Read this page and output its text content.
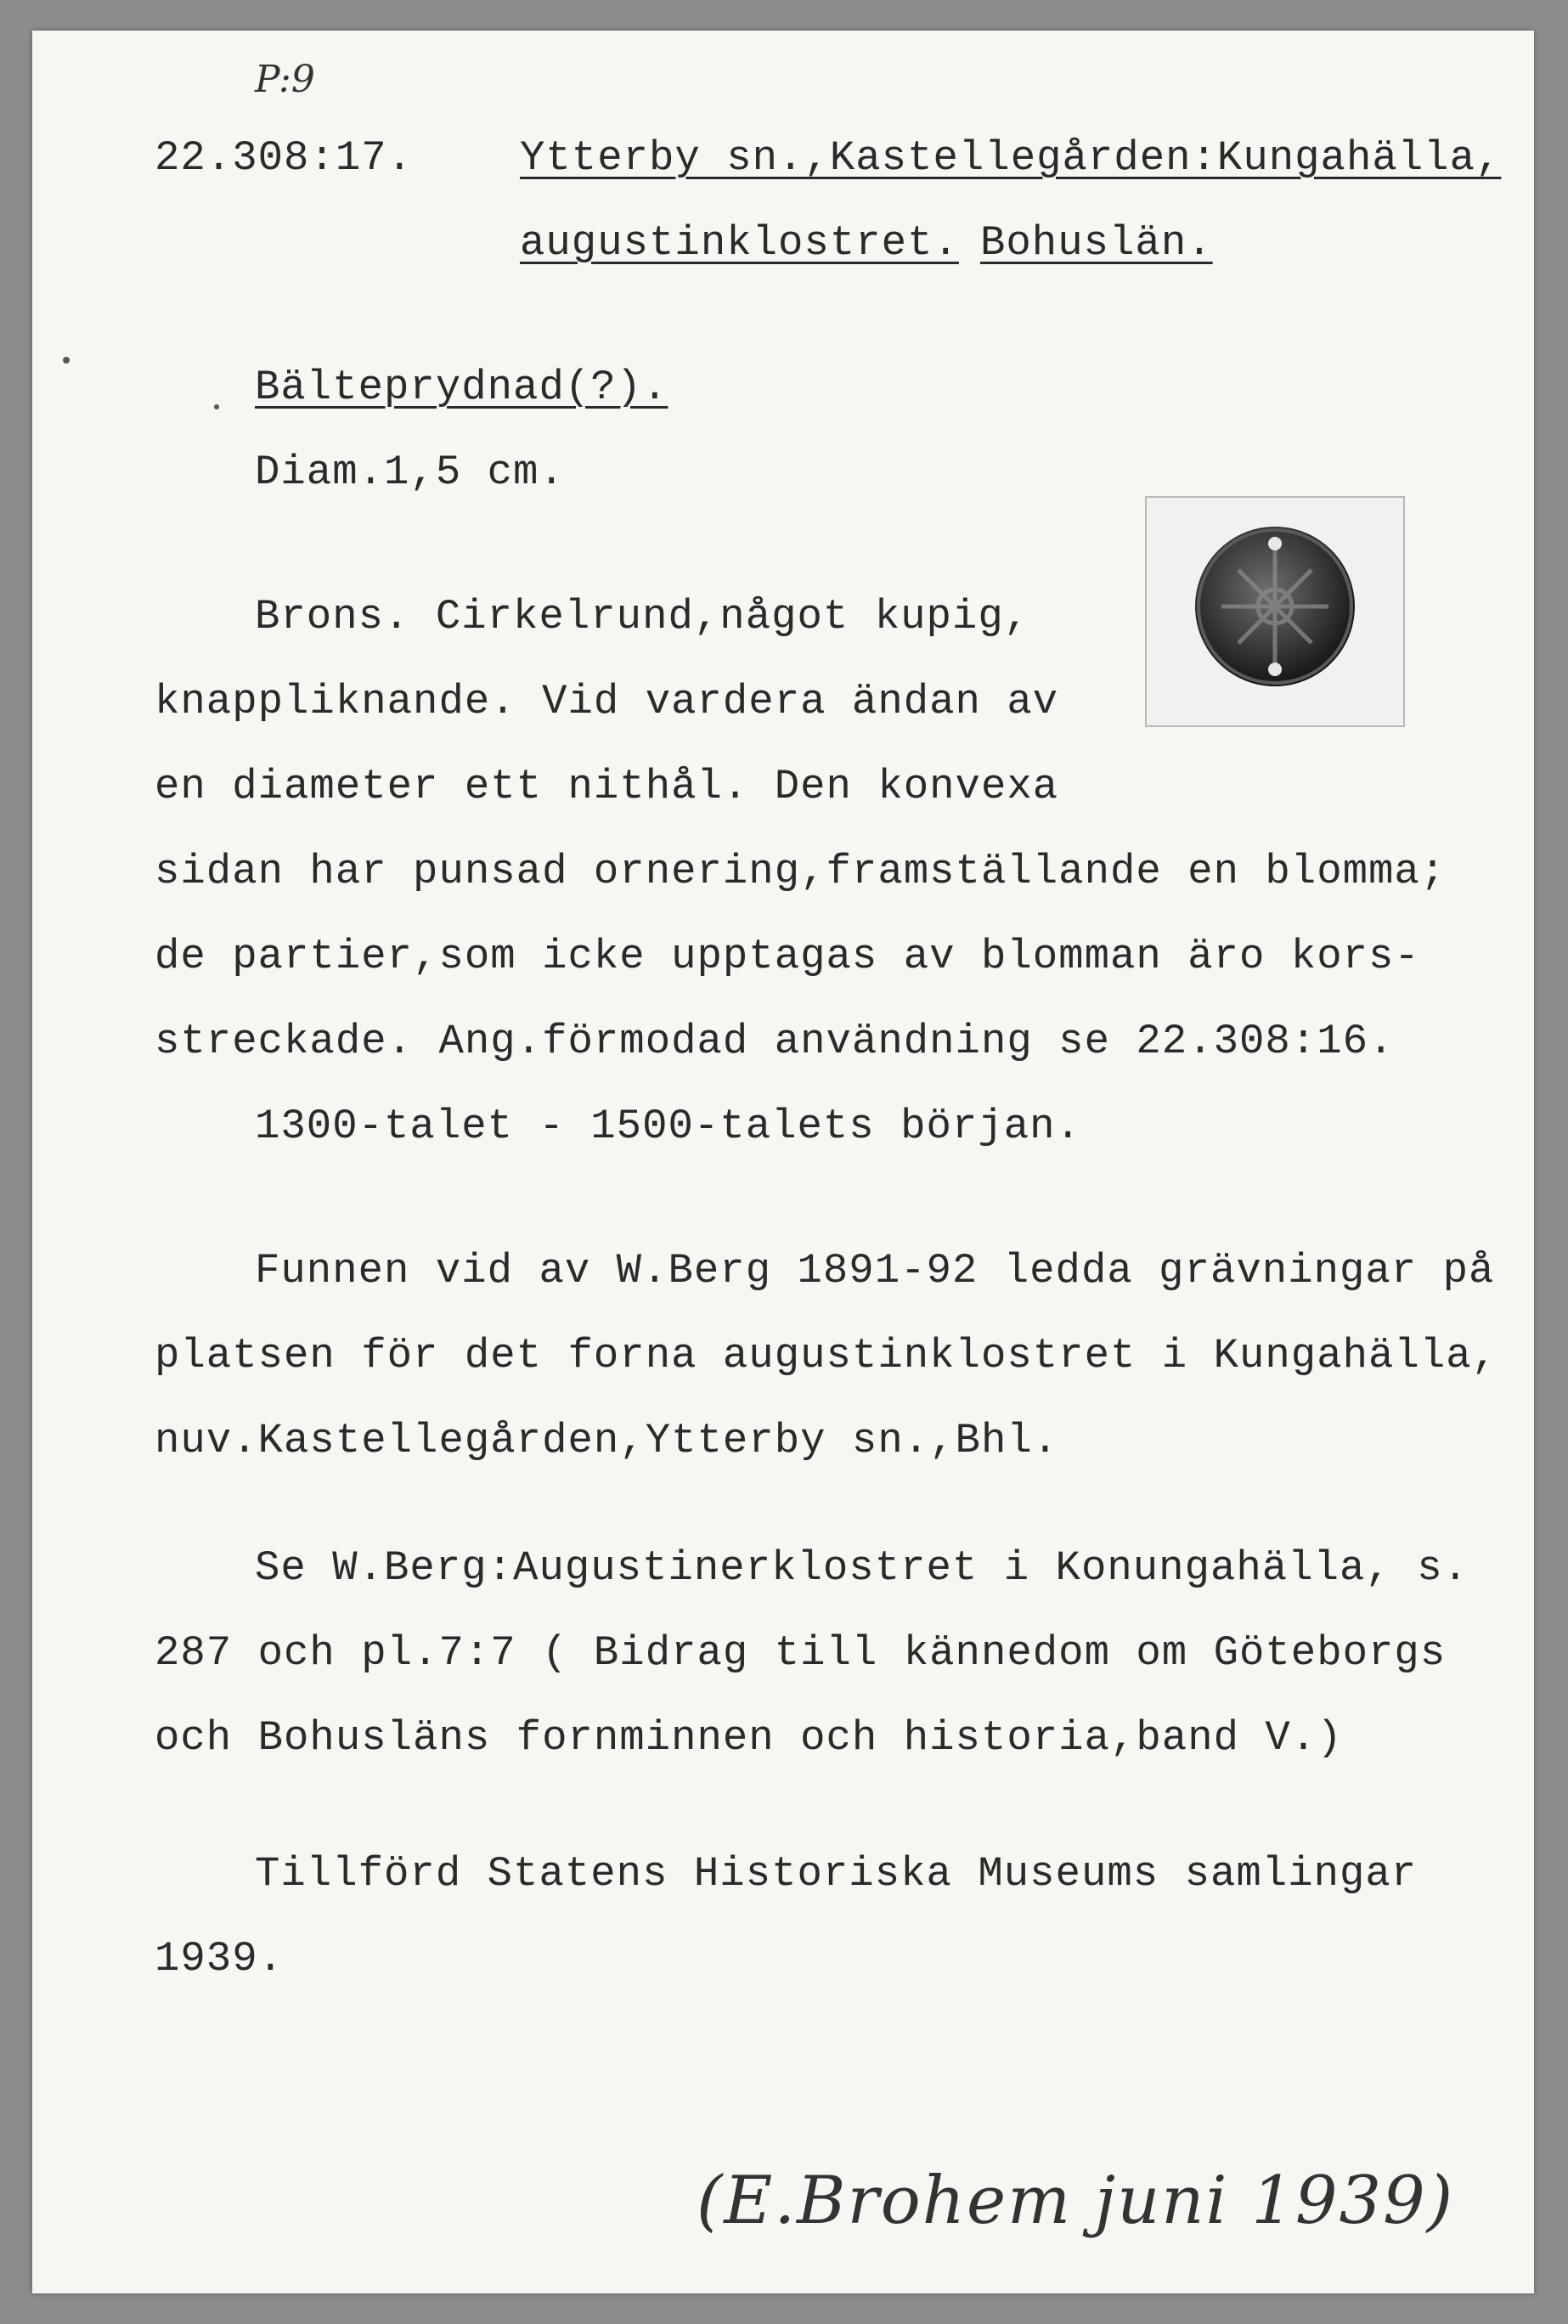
P:9

22.308:17.	Ytterby sn.,Kastellegården:Kungahälla,

augustinklostret. Bohuslän.

Bälteprydnad(?).

Diam.1,5 cm.

Brons. Cirkelrund,något kupig,

knappliknande. Vid vardera ändan av

en diameter ett nithål. Den konvexa

sidan har punsad ornering,framställande en blomma;

de partier,som icke upptagas av blomman äro kors-

streckade. Ang.förmodad användning se 22.308:16.

1300-talet - 1500-talets början.

Funnen vid av W.Berg 1891-92 ledda grävningar på

platsen för det forna augustinklostret i Kungahälla,

nuv.Kastellegården,Ytterby sn.,Bhl.

Se W.Berg:Augustinerklostret i Konungahälla, s.

287 och pl.7:7 ( Bidrag till kännedom om Göteborgs

och Bohusläns fornminnen och historia,band V.)

Tillförd Statens Historiska Museums samlingar

1939.

(E.Brohem juni 1939)
